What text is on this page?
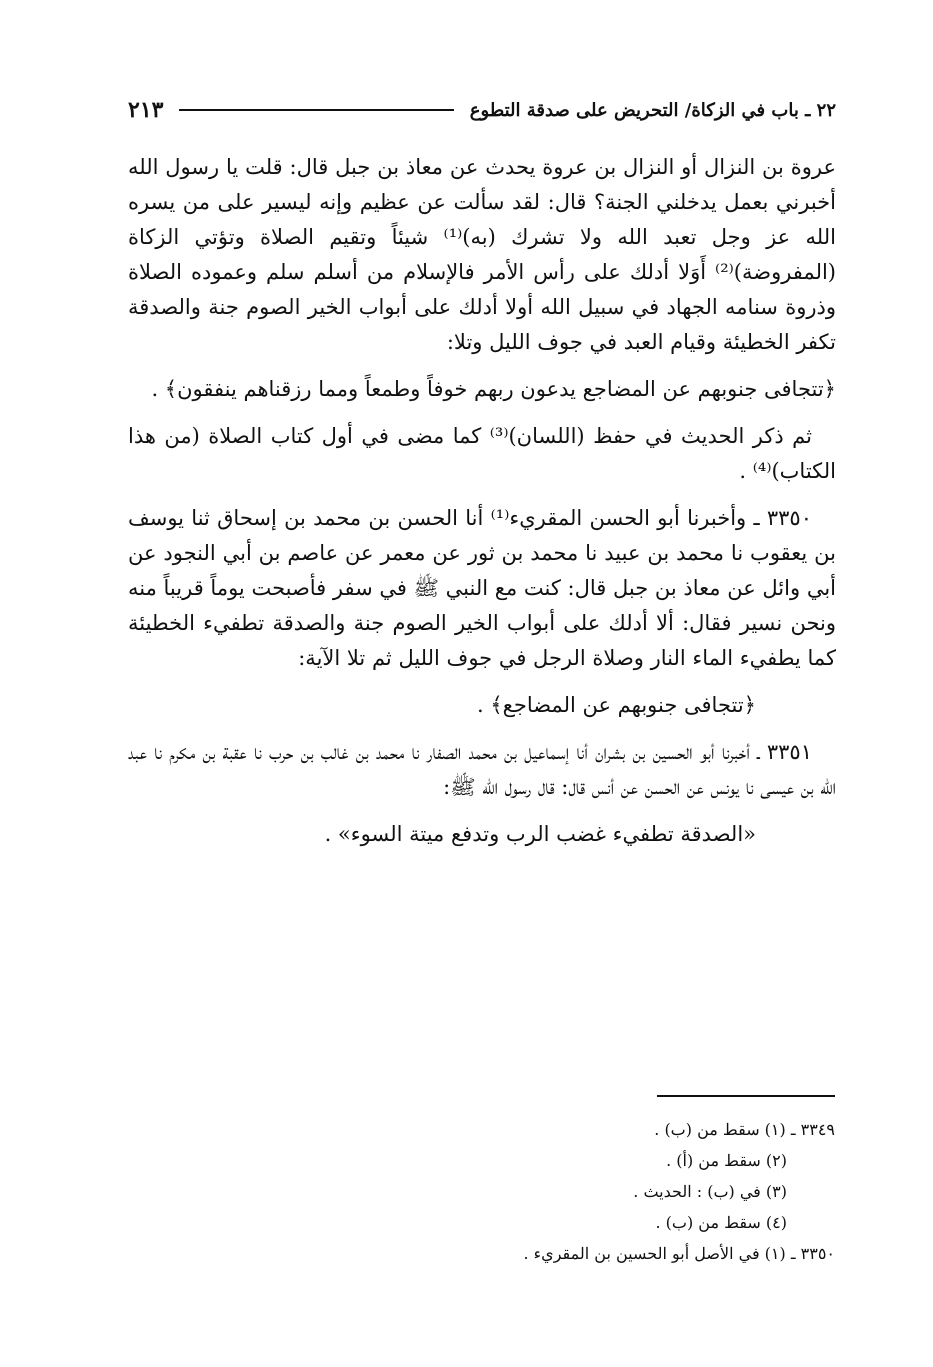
٢٢ ـ باب في الزكاة/ التحريض على صدقة التطوع
٢١٣

عروة بن النزال أو النزال بن عروة يحدث عن معاذ بن جبل قال: قلت يا رسول الله أخبرني بعمل يدخلني الجنة؟ قال: لقد سألت عن عظيم وإنه ليسير على من يسره الله عز وجل تعبد الله ولا تشرك (به)⁽¹⁾ شيئاً وتقيم الصلاة وتؤتي الزكاة (المفروضة)⁽²⁾ أَوَلا أدلك على رأس الأمر فالإسلام من أسلم سلم وعموده الصلاة وذروة سنامه الجهاد في سبيل الله أولا أدلك على أبواب الخير الصوم جنة والصدقة تكفر الخطيئة وقيام العبد في جوف الليل وتلا:

﴿تتجافى جنوبهم عن المضاجع يدعون ربهم خوفاً وطمعاً ومما رزقناهم ينفقون﴾ .

ثم ذكر الحديث في حفظ (اللسان)⁽³⁾ كما مضى في أول كتاب الصلاة (من هذا الكتاب)⁽⁴⁾ .

٣٣٥٠ ـ وأخبرنا أبو الحسن المقريء⁽¹⁾ أنا الحسن بن محمد بن إسحاق ثنا يوسف بن يعقوب نا محمد بن عبيد نا محمد بن ثور عن معمر عن عاصم بن أبي النجود عن أبي وائل عن معاذ بن جبل قال: كنت مع النبي ﷺ في سفر فأصبحت يوماً قريباً منه ونحن نسير فقال: ألا أدلك على أبواب الخير الصوم جنة والصدقة تطفيء الخطيئة كما يطفيء الماء النار وصلاة الرجل في جوف الليل ثم تلا الآية:

﴿تتجافى جنوبهم عن المضاجع﴾ .

٣٣٥١ ـ أخبرنا أبو الحسين بن بشران أنا إسماعيل بن محمد الصفار نا محمد بن غالب بن حرب نا عقبة بن مكرم نا عبد الله بن عيسى نا يونس عن الحسن عن أنس قال: قال رسول الله ﷺ:

«الصدقة تطفيء غضب الرب وتدفع ميتة السوء» .

٣٣٤٩ ـ (١) سقط من (ب) .

(٢) سقط من (أ) .

(٣) في (ب) : الحديث .

(٤) سقط من (ب) .

٣٣٥٠ ـ (١) في الأصل أبو الحسين بن المقريء .
